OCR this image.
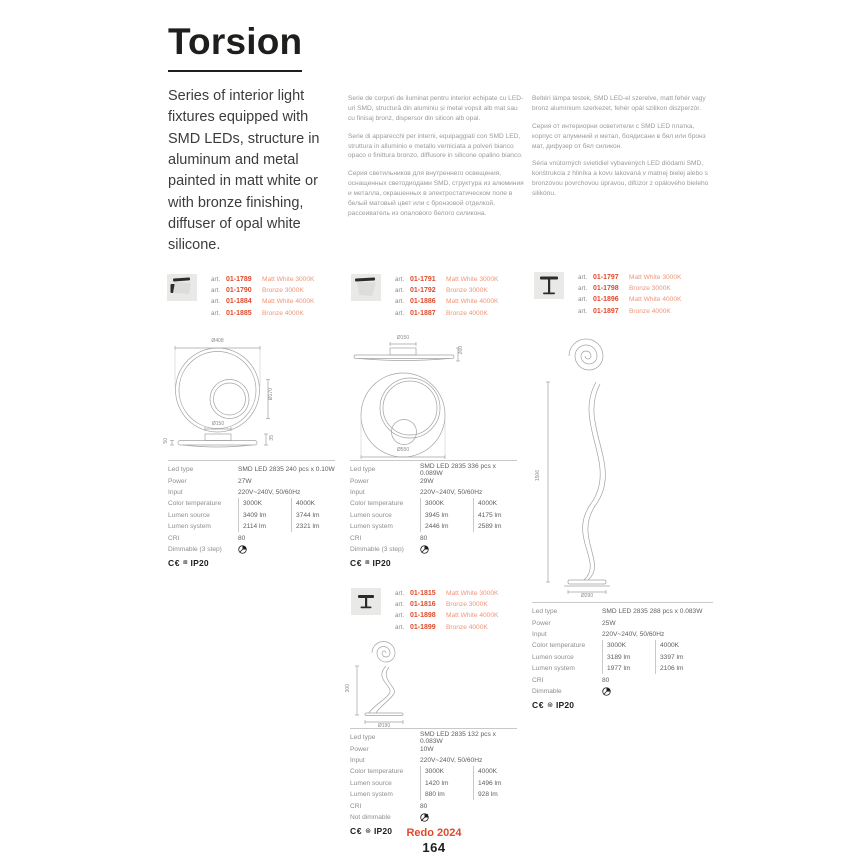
Torsion

Series of interior light fixtures equipped with SMD LEDs, structure in aluminum and metal painted in matt white or with bronze finishing, diffuser of opal white silicone.

Serie de corpuri de iluminat pentru interior echipate cu LED-uri SMD, structură din aluminiu și metal vopsit alb mat sau cu finisaj bronz, dispersor din silicon alb opal.

Serie di apparecchi per interni, equipaggiati con SMD LED, struttura in alluminio e metallo verniciata a polveri bianco opaco o finittura bronzo, diffusore in silicone opalino bianco.

Серия светильников для внутреннего освещения, оснащенных светодиодами SMD, структура из алюминия и металла, окрашенных в электростатическом поле в белый матовый цвет или с бронзовой отделкой, рассеиватель из опалового белого силикона.

Beltéri lámpa testek, SMD LED-el szerelve, matt fehér vagy bronz alumínium szerkezet, fehér opál szilikon diszperzór.

Серия от интериорни осветители с SMD LED платка, корпус от алуминий и метал, боядисани в бял или бронз мат, дифузер от бял силикон.

Séria vnútorných svietidiel vybavených LED diódami SMD, konštrukcia z hliníka a kovu lakovaná v matnej bielej alebo s bronzovou povrchovou úpravou, difúzor z opálového bieleho silikónu.

art. 01-1789	Matt White 3000K
art. 01-1790	Bronze 3000K
art. 01-1884	Matt White 4000K
art. 01-1885	Bronze 4000K
Ø408
Ø170
Ø150
35
50
Led type	SMD LED 2835 240 pcs x 0.10W
Power	27W
Input	220V~240V, 50/60Hz
Color temperature	3000K	4000K
Lumen source	3409 lm	3744 lm
Lumen system	2114 lm	2321 lm
CRI	80
Dimmable (3 step)
C€ ⧈ IP20
art. 01-1791	Matt White 3000K
art. 01-1792	Bronze 3000K
art. 01-1886	Matt White 4000K
art. 01-1887	Bronze 4000K
Ø150
260
Ø550
Led type	SMD LED 2835 336 pcs x 0.089W
Power	29W
Input	220V~240V, 50/60Hz
Color temperature	3000K	4000K
Lumen source	3945 lm	4175 lm
Lumen system	2446 lm	2589 lm
CRI	80
Dimmable (3 step)
C€ ⧈ IP20
art. 01-1797	Matt White 3000K
art. 01-1798	Bronze 3000K
art. 01-1896	Matt White 4000K
art. 01-1897	Bronze 4000K
1506
Ø290
Led type	SMD LED 2835 288 pcs x 0.083W
Power	25W
Input	220V~240V, 50/60Hz
Color temperature	3000K	4000K
Lumen source	3189 lm	3397 lm
Lumen system	1977 lm	2106 lm
CRI	80
Dimmable
C€ ⊛ IP20
art. 01-1815	Matt White 3000K
art. 01-1816	Bronze 3000K
art. 01-1898	Matt White 4000K
art. 01-1899	Bronze 4000K
300
Ø190
Led type	SMD LED 2835 132 pcs x 0.083W
Power	10W
Input	220V~240V, 50/60Hz
Color temperature	3000K	4000K
Lumen source	1420 lm	1496 lm
Lumen system	880 lm	928 lm
CRI	80
Not dimmable
C€ ⊛ IP20	Redo 2024
164
